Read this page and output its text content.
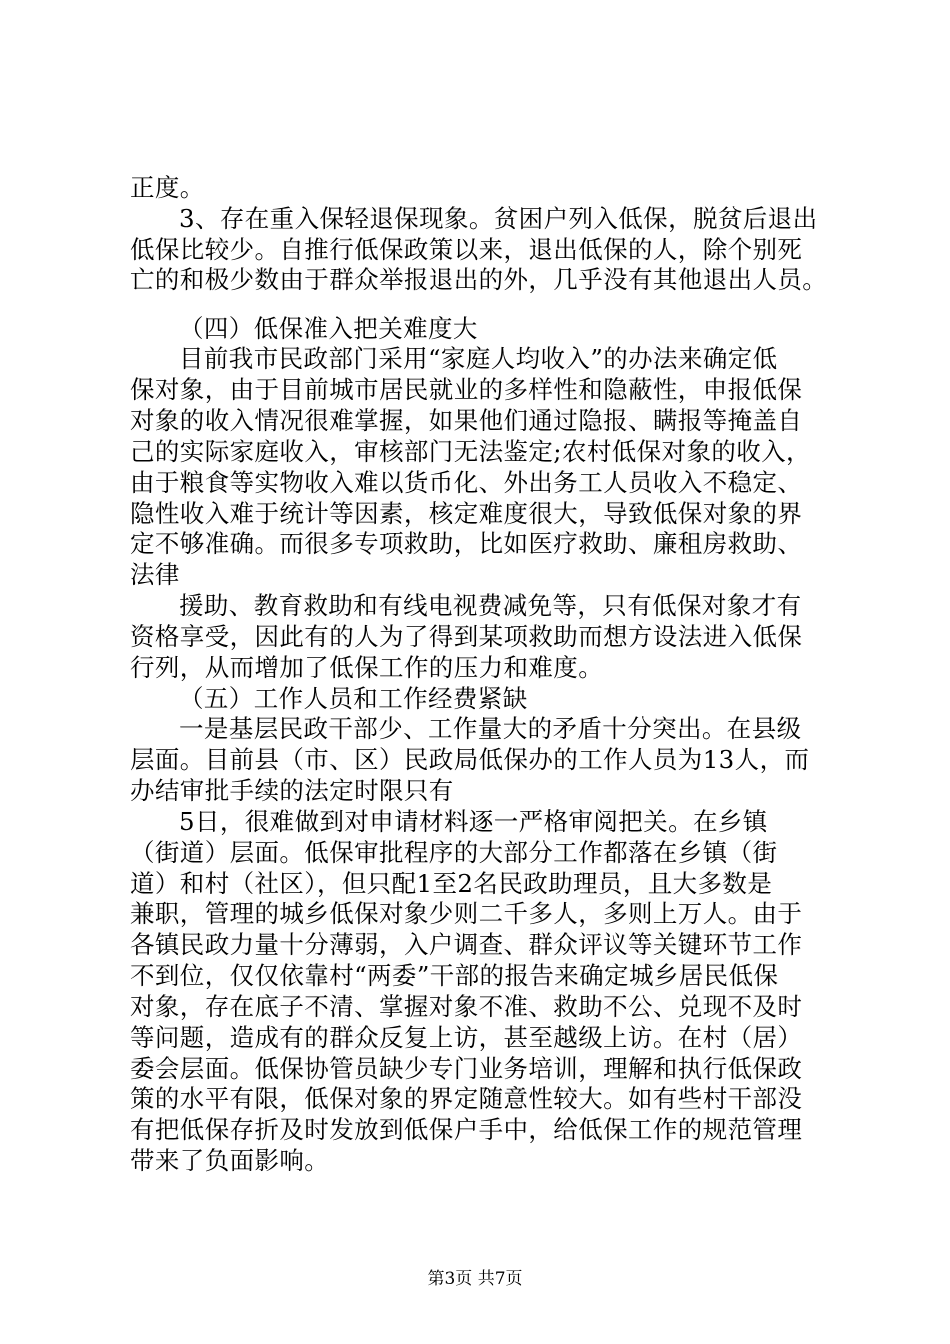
正度。
3、存在重入保轻退保现象。贫困户列入低保，脱贫后退出
低保比较少。自推行低保政策以来，退出低保的人，除个别死
亡的和极少数由于群众举报退出的外，几乎没有其他退出人员。
（四）低保准入把关难度大
目前我市民政部门采用“家庭人均收入”的办法来确定低
保对象，由于目前城市居民就业的多样性和隐蔽性，申报低保
对象的收入情况很难掌握，如果他们通过隐报、瞒报等掩盖自
己的实际家庭收入，审核部门无法鉴定;农村低保对象的收入，
由于粮食等实物收入难以货币化、外出务工人员收入不稳定、
隐性收入难于统计等因素，核定难度很大，导致低保对象的界
定不够准确。而很多专项救助，比如医疗救助、廉租房救助、
法律
援助、教育救助和有线电视费减免等，只有低保对象才有
资格享受，因此有的人为了得到某项救助而想方设法进入低保
行列，从而增加了低保工作的压力和难度。
（五）工作人员和工作经费紧缺
一是基层民政干部少、工作量大的矛盾十分突出。在县级
层面。目前县（市、区）民政局低保办的工作人员为13人，而
办结审批手续的法定时限只有
5日，很难做到对申请材料逐一严格审阅把关。在乡镇
（街道）层面。低保审批程序的大部分工作都落在乡镇（街
道）和村（社区），但只配1至2名民政助理员，且大多数是
兼职，管理的城乡低保对象少则二千多人，多则上万人。由于
各镇民政力量十分薄弱，入户调查、群众评议等关键环节工作
不到位，仅仅依靠村“两委”干部的报告来确定城乡居民低保
对象，存在底子不清、掌握对象不准、救助不公、兑现不及时
等问题，造成有的群众反复上访，甚至越级上访。在村（居）
委会层面。低保协管员缺少专门业务培训，理解和执行低保政
策的水平有限，低保对象的界定随意性较大。如有些村干部没
有把低保存折及时发放到低保户手中，给低保工作的规范管理
第3页 共7页
带来了负面影响。
